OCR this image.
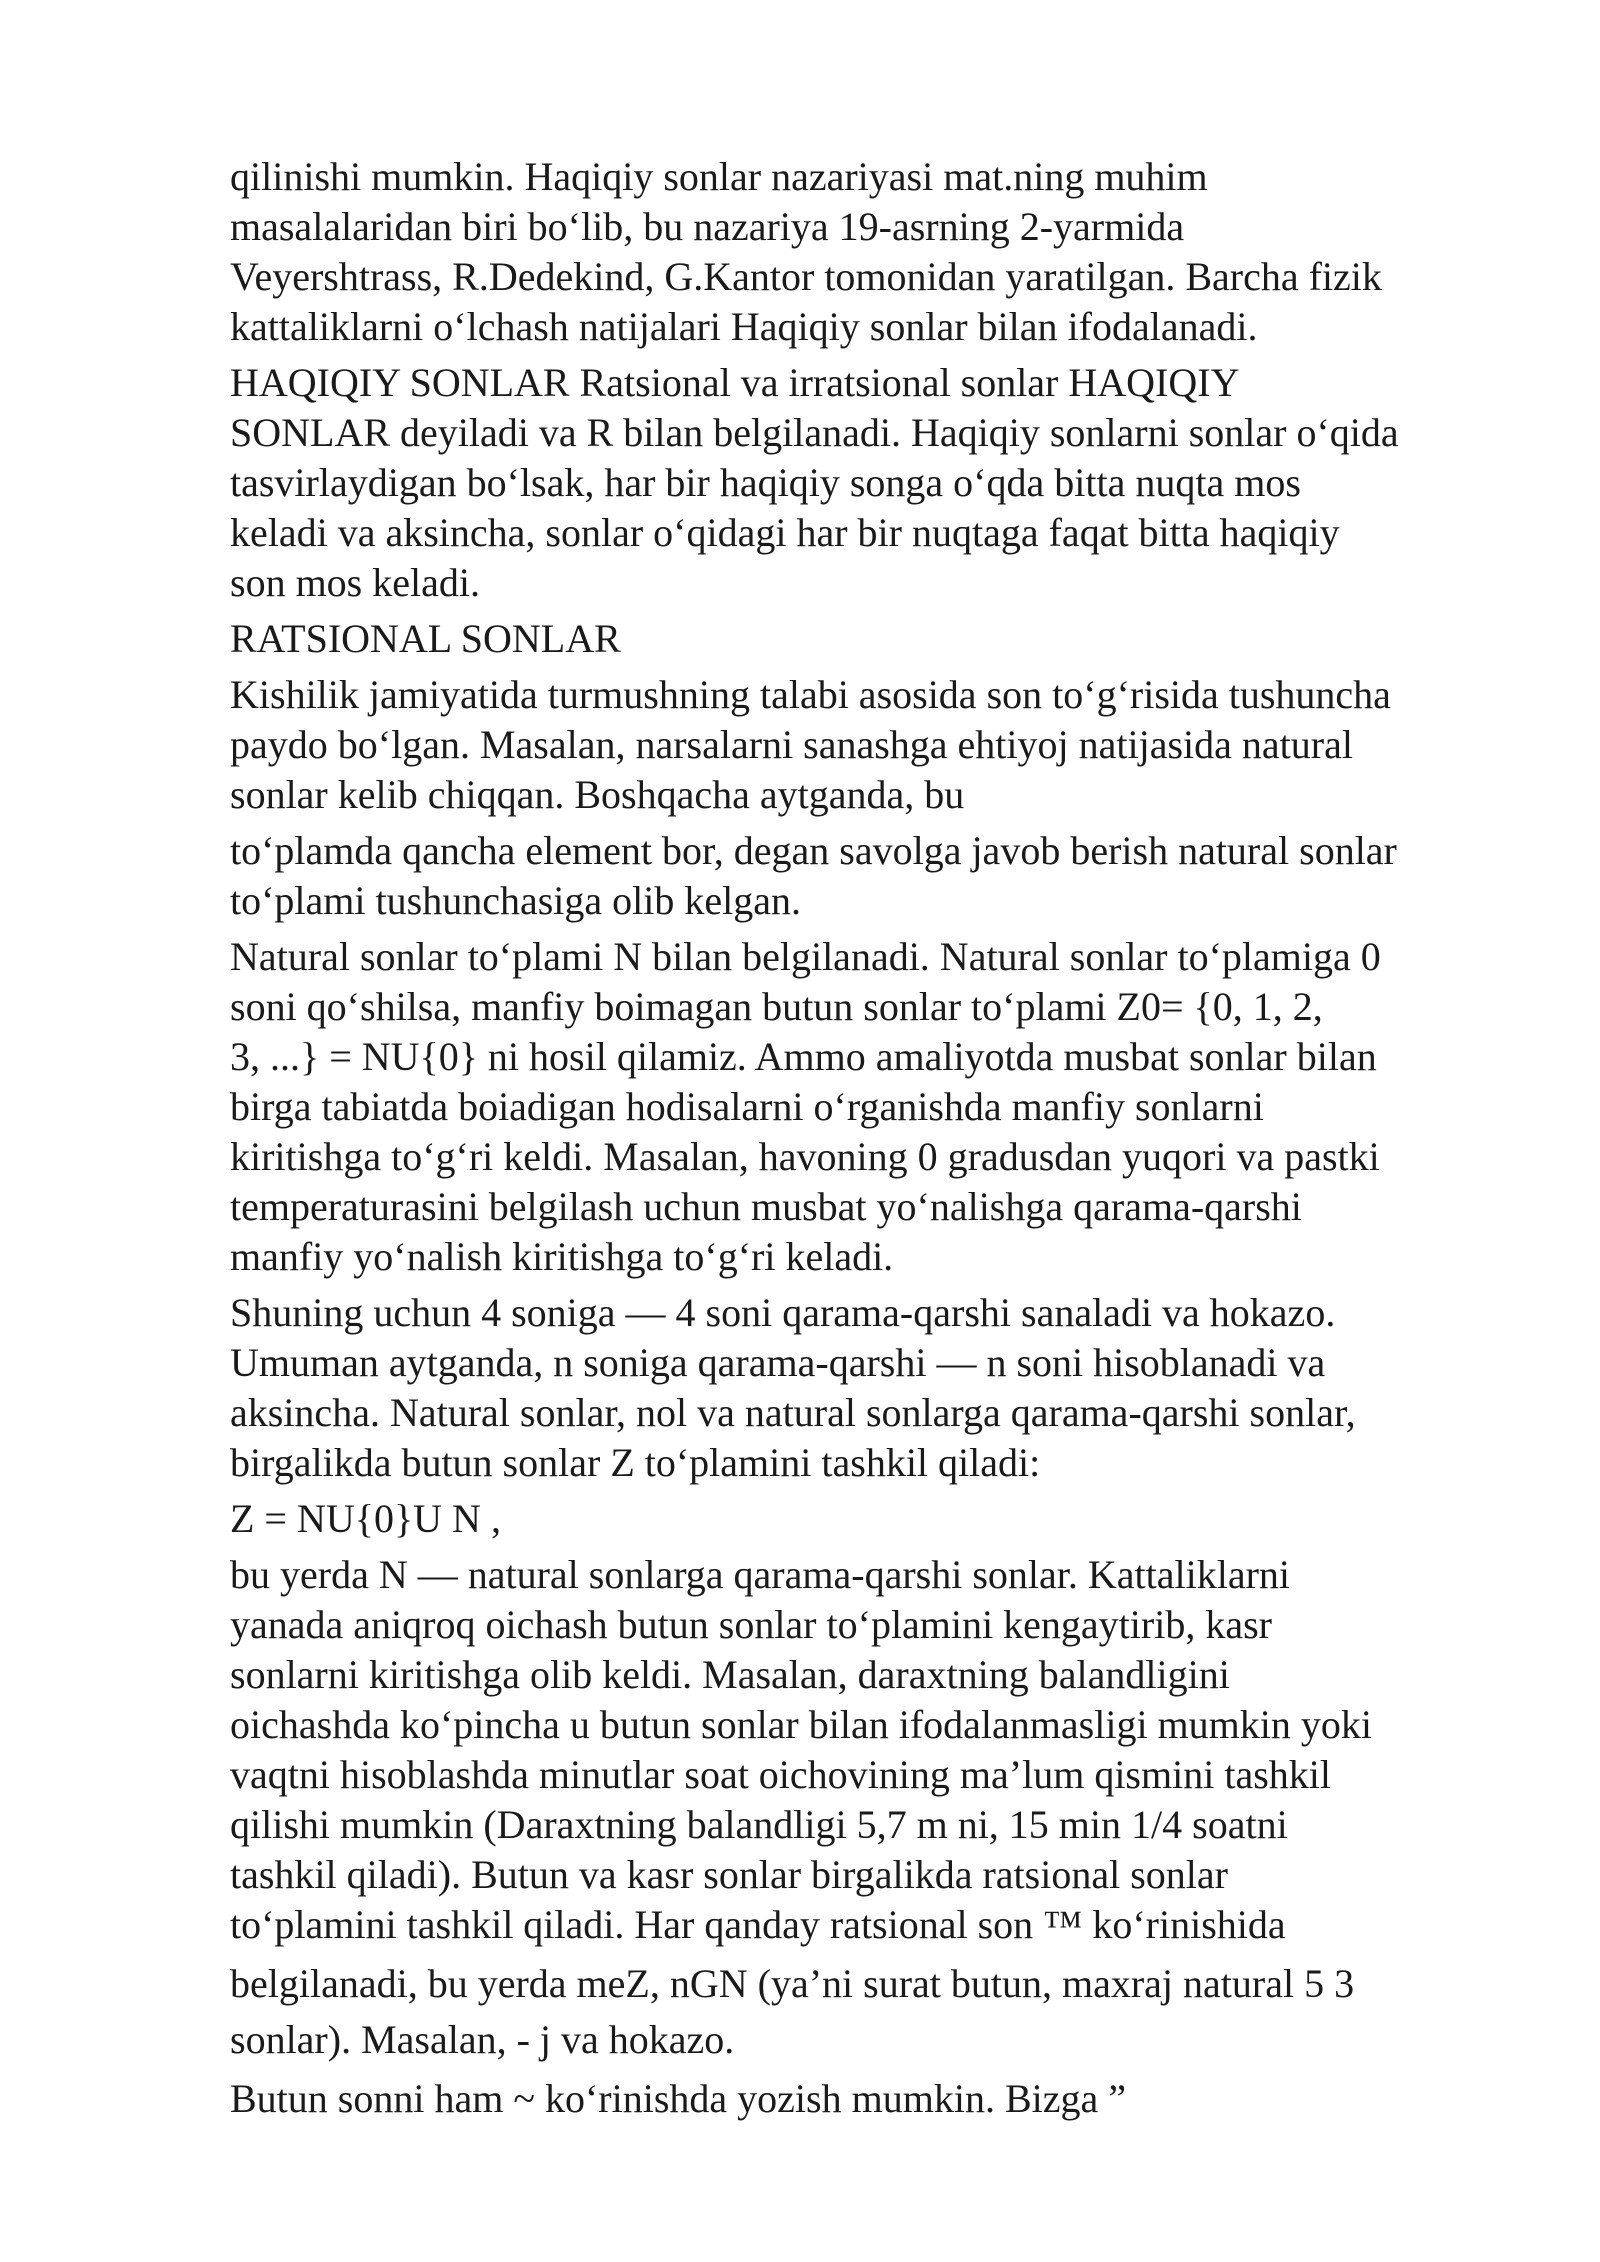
qilinishi mumkin. Haqiqiy sonlar nazariyasi mat.ning muhim
masalalaridan biri bo‘lib, bu nazariya 19-asrning 2-yarmida
Veyershtrass, R.Dedekind, G.Kantor tomonidan yaratilgan. Barcha fizik
kattaliklarni o‘lchash natijalari Haqiqiy sonlar bilan ifodalanadi.
HAQIQIY SONLAR Ratsional va irratsional sonlar HAQIQIY
SONLAR deyiladi va R bilan belgilanadi. Haqiqiy sonlarni sonlar o‘qida
tasvirlaydigan bo‘lsak, har bir haqiqiy songa o‘qda bitta nuqta mos
keladi va aksincha, sonlar o‘qidagi har bir nuqtaga faqat bitta haqiqiy
son mos keladi.
RATSIONAL SONLAR
Kishilik jamiyatida turmushning talabi asosida son to‘g‘risida tushuncha
paydo bo‘lgan. Masalan, narsalarni sanashga ehtiyoj natijasida natural
sonlar kelib chiqqan. Boshqacha aytganda, bu
to‘plamda qancha element bor, degan savolga javob berish natural sonlar
to‘plami tushunchasiga olib kelgan.
Natural sonlar to‘plami N bilan belgilanadi. Natural sonlar to‘plamiga 0
soni qo‘shilsa, manfiy boimagan butun sonlar to‘plami Z0= {0, 1, 2,
3, ...} = NU{0} ni hosil qilamiz. Ammo amaliyotda musbat sonlar bilan
birga tabiatda boiadigan hodisalarni o‘rganishda manfiy sonlarni
kiritishga to‘g‘ri keldi. Masalan, havoning 0 gradusdan yuqori va pastki
temperaturasini belgilash uchun musbat yo‘nalishga qarama-qarshi
manfiy yo‘nalish kiritishga to‘g‘ri keladi.
Shuning uchun 4 soniga — 4 soni qarama-qarshi sanaladi va hokazo.
Umuman aytganda, n soniga qarama-qarshi — n soni hisoblanadi va
aksincha. Natural sonlar, nol va natural sonlarga qarama-qarshi sonlar,
birgalikda butun sonlar Z to‘plamini tashkil qiladi:
Z = NU{0}U N ,
bu yerda N — natural sonlarga qarama-qarshi sonlar. Kattaliklarni
yanada aniqroq oichash butun sonlar to‘plamini kengaytirib, kasr
sonlarni kiritishga olib keldi. Masalan, daraxtning balandligini
oichashda ko‘pincha u butun sonlar bilan ifodalanmasligi mumkin yoki
vaqtni hisoblashda minutlar soat oichovining ma’lum qismini tashkil
qilishi mumkin (Daraxtning balandligi 5,7 m ni, 15 min 1/4 soatni
tashkil qiladi). Butun va kasr sonlar birgalikda ratsional sonlar
to‘plamini tashkil qiladi. Har qanday ratsional son ™ ko‘rinishida
belgilanadi, bu yerda meZ, nGN (ya’ni surat butun, maxraj natural 5 3
sonlar). Masalan, - j va hokazo.
Butun sonni ham ~ ko‘rinishda yozish mumkin. Bizga ”
